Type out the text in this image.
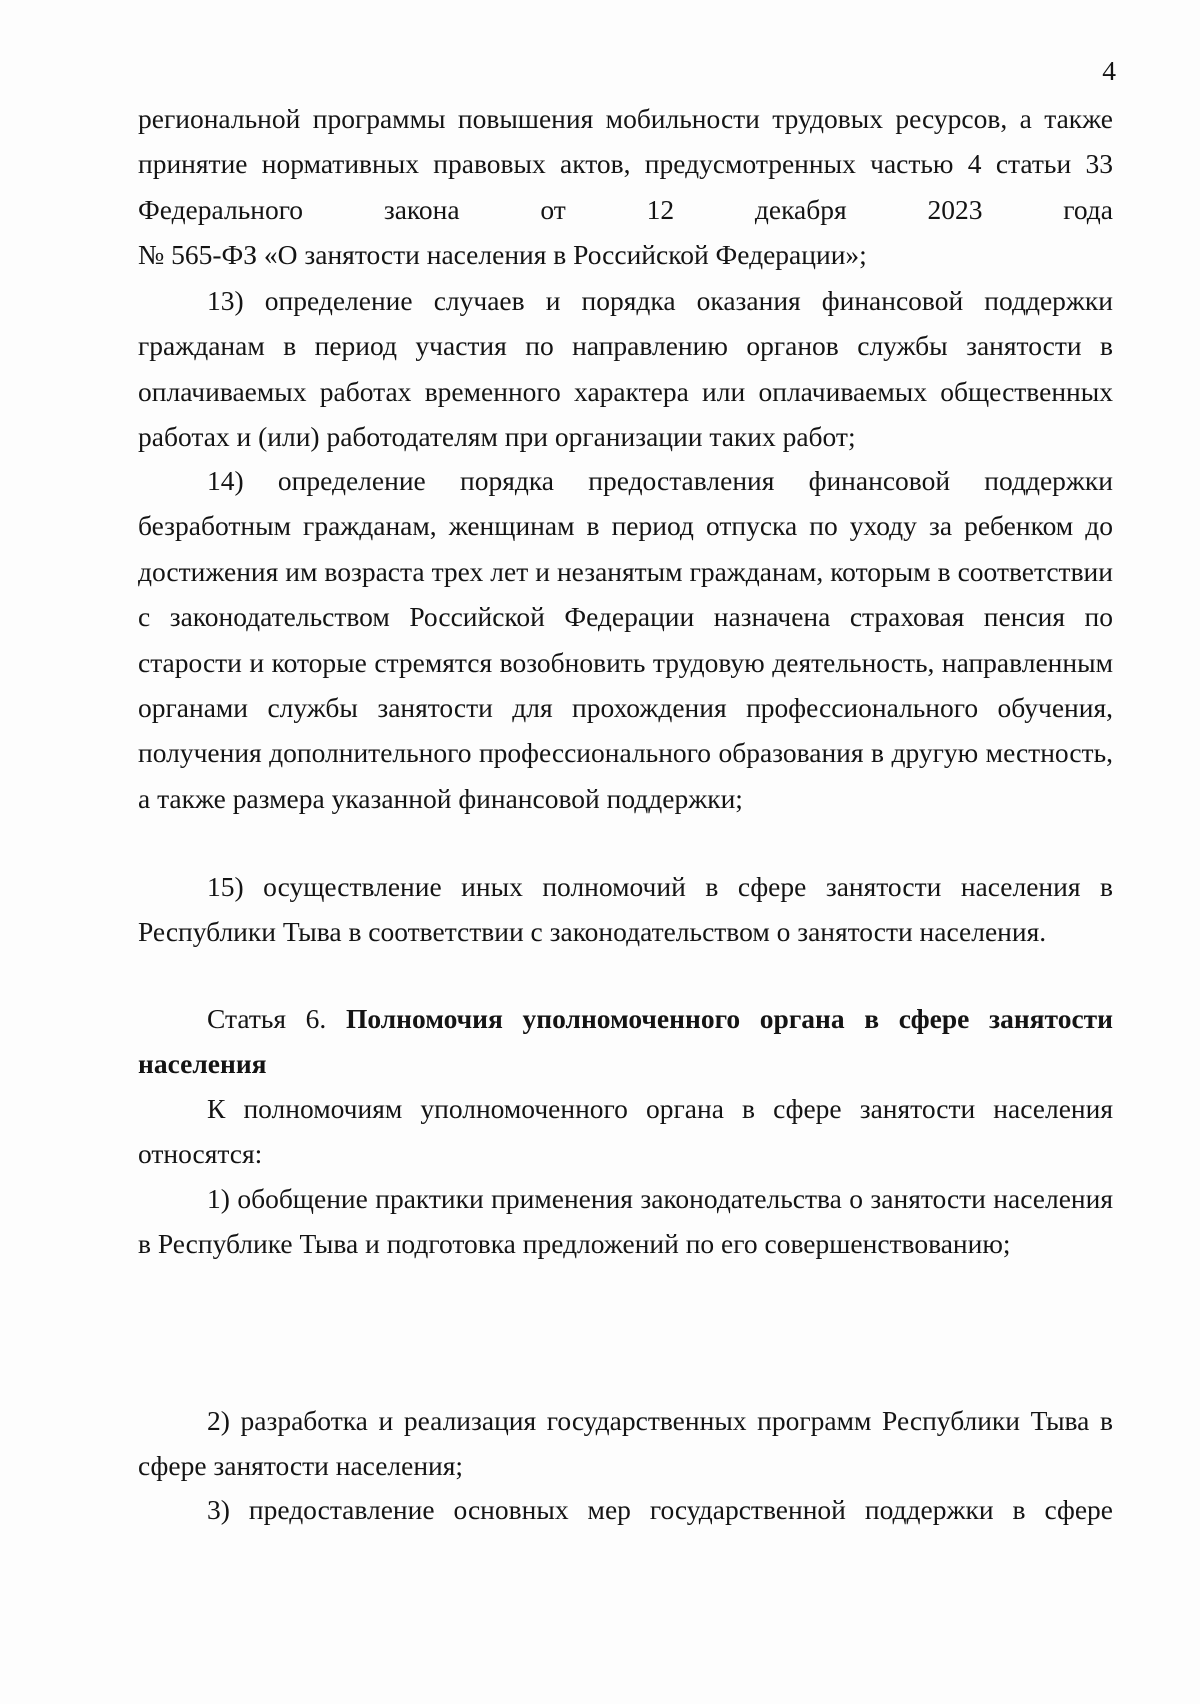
4
региональной программы повышения мобильности трудовых ресурсов, а также
принятие нормативных правовых актов, предусмотренных частью 4 статьи 33
Федерального закона от 12 декабря 2023 года
№ 565-ФЗ «О занятости населения в Российской Федерации»;

13) определение случаев и порядка оказания финансовой поддержки гражданам в период участия по направлению органов службы занятости в оплачиваемых работах временного характера или оплачиваемых общественных работах и (или) работодателям при организации таких работ;

14) определение порядка предоставления финансовой поддержки безработным гражданам, женщинам в период отпуска по уходу за ребенком до достижения им возраста трех лет и незанятым гражданам, которым в соответствии с законодательством Российской Федерации назначена страховая пенсия по старости и которые стремятся возобновить трудовую деятельность, направленным органами службы занятости для прохождения профессионального обучения, получения дополнительного профессионального образования в другую местность, а также размера указанной финансовой поддержки;

15) осуществление иных полномочий в сфере занятости населения в Республики Тыва в соответствии с законодательством о занятости населения.

Статья 6. Полномочия уполномоченного органа в сфере занятости населения

К полномочиям уполномоченного органа в сфере занятости населения относятся:

1) обобщение практики применения законодательства о занятости населения в Республике Тыва и подготовка предложений по его совершенствованию;

2) разработка и реализация государственных программ Республики Тыва в сфере занятости населения;

3) предоставление основных мер государственной поддержки в сфере
